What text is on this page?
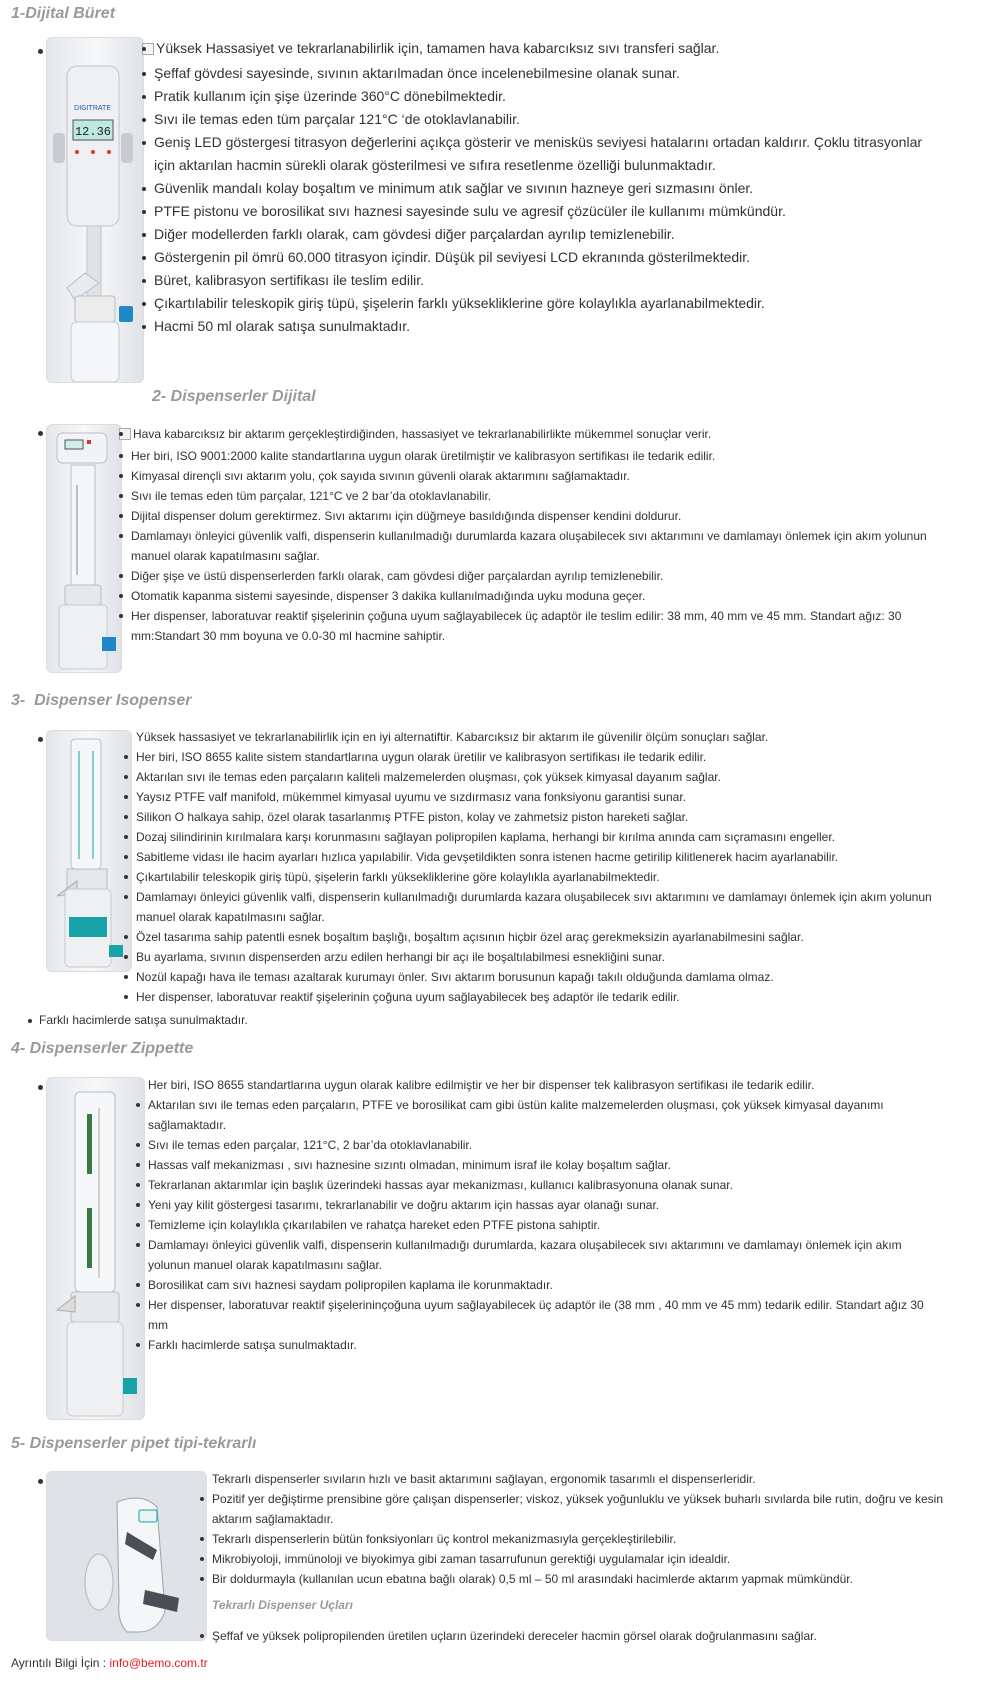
1-Dijital Büret
DIGITRATE
12.36
Yüksek Hassasiyet ve tekrarlanabilirlik için, tamamen hava kabarcıksız sıvı transferi sağlar.
Şeffaf gövdesi sayesinde, sıvının aktarılmadan önce incelenebilmesine olanak sunar.
Pratik kullanım için şişe üzerinde 360°C dönebilmektedir.
Sıvı ile temas eden tüm parçalar 121°C ‘de otoklavlanabilir.
Geniş LED göstergesi titrasyon değerlerini açıkça gösterir ve menisküs seviyesi hatalarını ortadan kaldırır. Çoklu titrasyonlar için aktarılan hacmin sürekli olarak gösterilmesi ve sıfıra resetlenme özelliği bulunmaktadır.
Güvenlik mandalı kolay boşaltım ve minimum atık sağlar ve sıvının hazneye geri sızmasını önler.
PTFE pistonu ve borosilikat sıvı haznesi sayesinde sulu ve agresif çözücüler ile kullanımı mümkündür.
Diğer modellerden farklı olarak, cam gövdesi diğer parçalardan ayrılıp temizlenebilir.
Göstergenin pil ömrü 60.000 titrasyon içindir. Düşük pil seviyesi LCD ekranında gösterilmektedir.
Büret, kalibrasyon sertifikası ile teslim edilir.
Çıkartılabilir teleskopik giriş tüpü, şişelerin farklı yüksekliklerine göre kolaylıkla ayarlanabilmektedir.
Hacmi 50 ml olarak satışa sunulmaktadır.
2- Dispenserler Dijital
Hava kabarcıksız bir aktarım gerçekleştirdiğinden, hassasiyet ve tekrarlanabilirlikte mükemmel sonuçlar verir.
Her biri, ISO 9001:2000 kalite standartlarına uygun olarak üretilmiştir ve kalibrasyon sertifikası ile tedarik edilir.
Kimyasal dirençli sıvı aktarım yolu, çok sayıda sıvının güvenli olarak aktarımını sağlamaktadır.
Sıvı ile temas eden tüm parçalar, 121°C ve 2 bar’da otoklavlanabilir.
Dijital dispenser dolum gerektirmez. Sıvı aktarımı için düğmeye basıldığında dispenser kendini doldurur.
Damlamayı önleyici güvenlik valfi, dispenserin kullanılmadığı durumlarda kazara oluşabilecek sıvı aktarımını ve damlamayı önlemek için akım yolunun manuel olarak kapatılmasını sağlar.
Diğer şişe ve üstü dispenserlerden farklı olarak, cam gövdesi diğer parçalardan ayrılıp temizlenebilir.
Otomatik kapanma sistemi sayesinde, dispenser 3 dakika kullanılmadığında uyku moduna geçer.
Her dispenser, laboratuvar reaktif şişelerinin çoğuna uyum sağlayabilecek üç adaptör ile teslim edilir: 38 mm, 40 mm ve 45 mm. Standart ağız: 30 mm:Standart 30 mm boyuna ve 0.0-30 ml hacmine sahiptir.
3-  Dispenser Isopenser
Yüksek hassasiyet ve tekrarlanabilirlik için en iyi alternatiftir. Kabarcıksız bir aktarım ile güvenilir ölçüm sonuçları sağlar.
Her biri, ISO 8655 kalite sistem standartlarına uygun olarak üretilir ve kalibrasyon sertifikası ile tedarik edilir.
Aktarılan sıvı ile temas eden parçaların kaliteli malzemelerden oluşması, çok yüksek kimyasal dayanım sağlar.
Yaysız PTFE valf manifold, mükemmel kimyasal uyumu ve sızdırmasız vana fonksiyonu garantisi sunar.
Silikon O halkaya sahip, özel olarak tasarlanmış PTFE piston, kolay ve zahmetsiz piston hareketi sağlar.
Dozaj silindirinin kırılmalara karşı korunmasını sağlayan polipropilen kaplama, herhangi bir kırılma anında cam sıçramasını engeller.
Sabitleme vidası ile hacim ayarları hızlıca yapılabilir. Vida gevşetildikten sonra istenen hacme getirilip kilitlenerek hacim ayarlanabilir.
Çıkartılabilir teleskopik giriş tüpü, şişelerin farklı yüksekliklerine göre kolaylıkla ayarlanabilmektedir.
Damlamayı önleyici güvenlik valfi, dispenserin kullanılmadığı durumlarda kazara oluşabilecek sıvı aktarımını ve damlamayı önlemek için akım yolunun manuel olarak kapatılmasını sağlar.
Özel tasarıma sahip patentli esnek boşaltım başlığı, boşaltım açısının hiçbir özel araç gerekmeksizin ayarlanabilmesini sağlar.
Bu ayarlama, sıvının dispenserden arzu edilen herhangi bir açı ile boşaltılabilmesi esnekliğini sunar.
Nozül kapağı hava ile teması azaltarak kurumayı önler. Sıvı aktarım borusunun kapağı takılı olduğunda damlama olmaz.
Her dispenser, laboratuvar reaktif şişelerinin çoğuna uyum sağlayabilecek beş adaptör ile tedarik edilir.
Farklı hacimlerde satışa sunulmaktadır.
4- Dispenserler Zippette
Her biri, ISO 8655 standartlarına uygun olarak kalibre edilmiştir ve her bir dispenser tek kalibrasyon sertifikası ile tedarik edilir.
Aktarılan sıvı ile temas eden parçaların, PTFE ve borosilikat cam gibi üstün kalite malzemelerden oluşması, çok yüksek kimyasal dayanımı sağlamaktadır.
Sıvı ile temas eden parçalar, 121°C, 2 bar’da otoklavlanabilir.
Hassas valf mekanizması , sıvı haznesine sızıntı olmadan, minimum israf ile kolay boşaltım sağlar.
Tekrarlanan aktarımlar için başlık üzerindeki hassas ayar mekanizması, kullanıcı kalibrasyonuna olanak sunar.
Yeni yay kilit göstergesi tasarımı, tekrarlanabilir ve doğru aktarım için hassas ayar olanağı sunar.
Temizleme için kolaylıkla çıkarılabilen ve rahatça hareket eden PTFE pistona sahiptir.
Damlamayı önleyici güvenlik valfi, dispenserin kullanılmadığı durumlarda, kazara oluşabilecek sıvı aktarımını ve damlamayı önlemek için akım yolunun manuel olarak kapatılmasını sağlar.
Borosilikat cam sıvı haznesi saydam polipropilen kaplama ile korunmaktadır.
Her dispenser, laboratuvar reaktif şişelerininçoğuna uyum sağlayabilecek üç adaptör ile (38 mm , 40 mm ve 45 mm) tedarik edilir. Standart ağız 30 mm
Farklı hacimlerde satışa sunulmaktadır.
5- Dispenserler pipet tipi-tekrarlı
Tekrarlı dispenserler sıvıların hızlı ve basit aktarımını sağlayan, ergonomik tasarımlı el dispenserleridir.
Pozitif yer değiştirme prensibine göre çalışan dispenserler; viskoz, yüksek yoğunluklu ve yüksek buharlı sıvılarda bile rutin, doğru ve kesin aktarım sağlamaktadır.
Tekrarlı dispenserlerin bütün fonksiyonları üç kontrol mekanizmasıyla gerçekleştirilebilir.
Mikrobiyoloji, immünoloji ve biyokimya gibi zaman tasarrufunun gerektiği uygulamalar için idealdir.
Bir doldurmayla (kullanılan ucun ebatına bağlı olarak) 0,5 ml – 50 ml arasındaki hacimlerde aktarım yapmak mümkündür.
Tekrarlı Dispenser Uçları
Şeffaf ve yüksek polipropilenden üretilen uçların üzerindeki dereceler hacmin görsel olarak doğrulanmasını sağlar.
Ayrıntılı Bilgi İçin : info@bemo.com.tr
